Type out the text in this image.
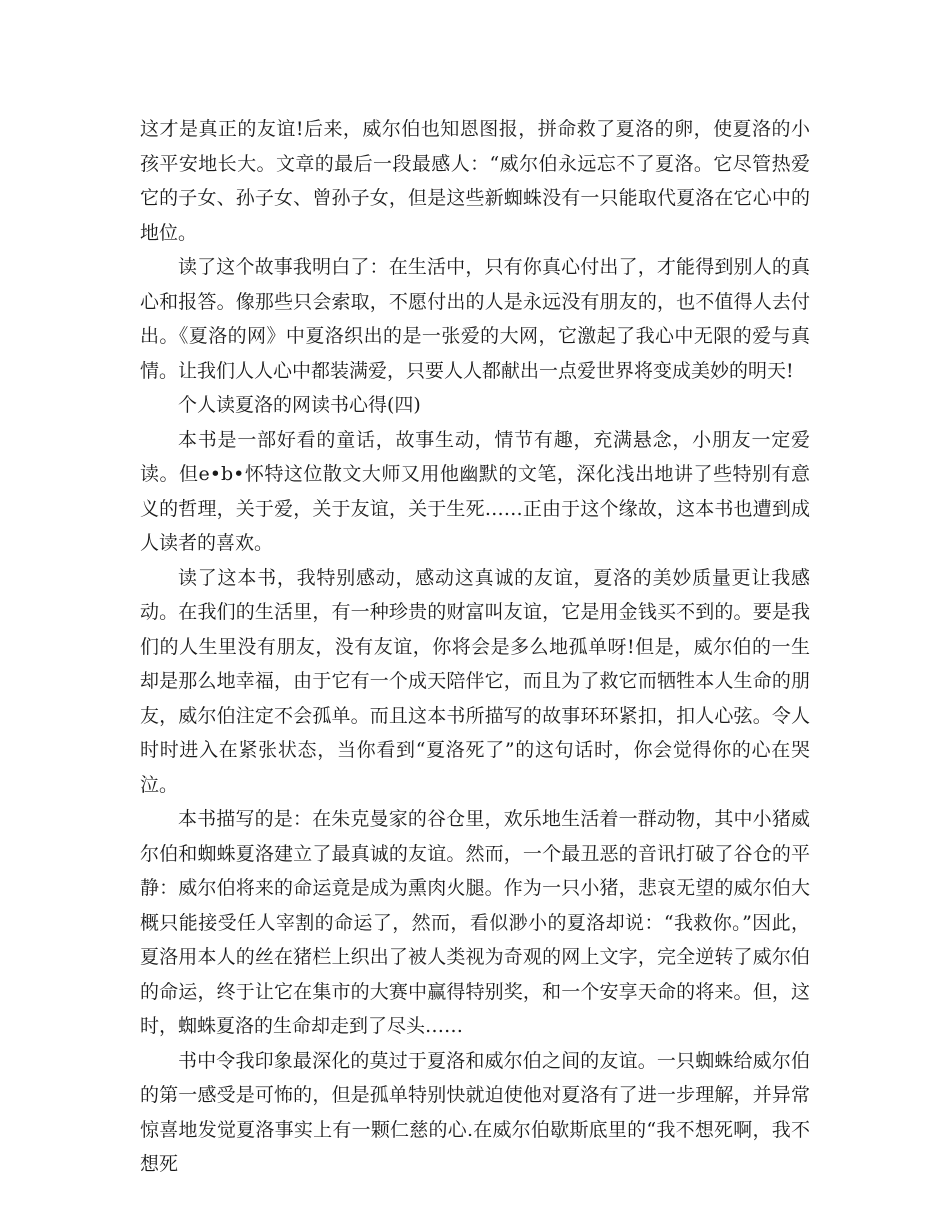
这才是真正的友谊!后来，威尔伯也知恩图报，拼命救了夏洛的卵，使夏洛的小孩平安地长大。文章的最后一段最感人：“威尔伯永远忘不了夏洛。它尽管热爱它的子女、孙子女、曾孙子女，但是这些新蜘蛛没有一只能取代夏洛在它心中的地位。

读了这个故事我明白了：在生活中，只有你真心付出了，才能得到别人的真心和报答。像那些只会索取，不愿付出的人是永远没有朋友的，也不值得人去付出。《夏洛的网》中夏洛织出的是一张爱的大网，它激起了我心中无限的爱与真情。让我们人人心中都装满爱，只要人人都献出一点爱世界将变成美妙的明天!

个人读夏洛的网读书心得(四)

本书是一部好看的童话，故事生动，情节有趣，充满悬念，小朋友一定爱读。但e•b•怀特这位散文大师又用他幽默的文笔，深化浅出地讲了些特别有意义的哲理，关于爱，关于友谊，关于生死……正由于这个缘故，这本书也遭到成人读者的喜欢。

读了这本书，我特别感动，感动这真诚的友谊，夏洛的美妙质量更让我感动。在我们的生活里，有一种珍贵的财富叫友谊，它是用金钱买不到的。要是我们的人生里没有朋友，没有友谊，你将会是多么地孤单呀!但是，威尔伯的一生却是那么地幸福，由于它有一个成天陪伴它，而且为了救它而牺牲本人生命的朋友，威尔伯注定不会孤单。而且这本书所描写的故事环环紧扣，扣人心弦。令人时时进入在紧张状态，当你看到“夏洛死了”的这句话时，你会觉得你的心在哭泣。

本书描写的是：在朱克曼家的谷仓里，欢乐地生活着一群动物，其中小猪威尔伯和蜘蛛夏洛建立了最真诚的友谊。然而，一个最丑恶的音讯打破了谷仓的平静：威尔伯将来的命运竟是成为熏肉火腿。作为一只小猪，悲哀无望的威尔伯大概只能接受任人宰割的命运了，然而，看似渺小的夏洛却说：“我救你。”因此，夏洛用本人的丝在猪栏上织出了被人类视为奇观的网上文字，完全逆转了威尔伯的命运，终于让它在集市的大赛中赢得特别奖，和一个安享天命的将来。但，这时，蜘蛛夏洛的生命却走到了尽头……

书中令我印象最深化的莫过于夏洛和威尔伯之间的友谊。一只蜘蛛给威尔伯的第一感受是可怖的，但是孤单特别快就迫使他对夏洛有了进一步理解，并异常惊喜地发觉夏洛事实上有一颗仁慈的心.在威尔伯歇斯底里的“我不想死啊，我不想死
